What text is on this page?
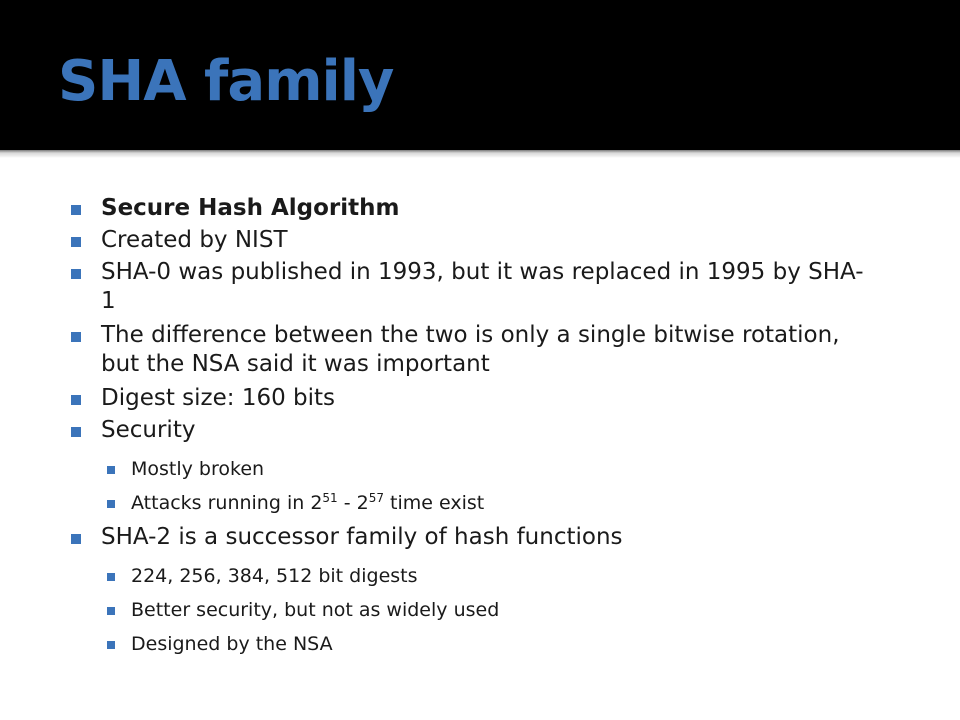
SHA family
Secure Hash Algorithm
Created by NIST
SHA-0 was published in 1993, but it was replaced in 1995 by SHA-1
The difference between the two is only a single bitwise rotation, but the NSA said it was important
Digest size: 160 bits
Security
Mostly broken
Attacks running in $2^{51} - 2^{57}$ time exist
SHA-2 is a successor family of hash functions
224, 256, 384, 512 bit digests
Better security, but not as widely used
Designed by the NSA
